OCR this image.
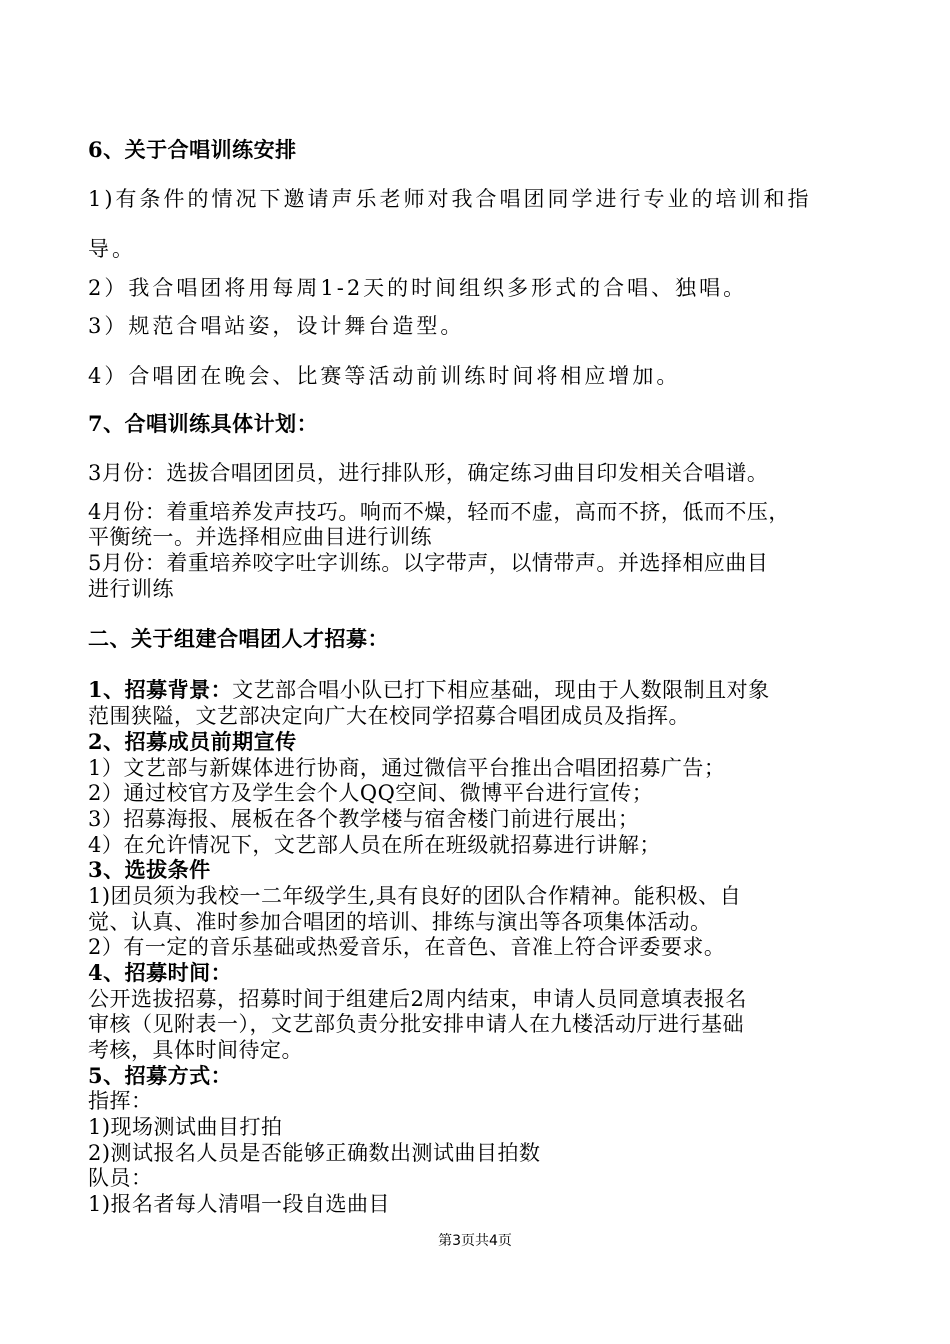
6、关于合唱训练安排
1)有条件的情况下邀请声乐老师对我合唱团同学进行专业的培训和指
导。
2）我合唱团将用每周1-2天的时间组织多形式的合唱、独唱。
3）规范合唱站姿，设计舞台造型。
4）合唱团在晚会、比赛等活动前训练时间将相应增加。
7、合唱训练具体计划：
3月份：选拔合唱团团员，进行排队形，确定练习曲目印发相关合唱谱。
4月份：着重培养发声技巧。响而不燥，轻而不虚，高而不挤，低而不压，
平衡统一。并选择相应曲目进行训练
5月份：着重培养咬字吐字训练。以字带声，以情带声。并选择相应曲目
进行训练
二、关于组建合唱团人才招募：
1、招募背景：文艺部合唱小队已打下相应基础，现由于人数限制且对象
范围狭隘，文艺部决定向广大在校同学招募合唱团成员及指挥。
2、招募成员前期宣传
1）文艺部与新媒体进行协商，通过微信平台推出合唱团招募广告；
2）通过校官方及学生会个人QQ空间、微博平台进行宣传；
3）招募海报、展板在各个教学楼与宿舍楼门前进行展出；
4）在允许情况下，文艺部人员在所在班级就招募进行讲解；
3、选拔条件
1)团员须为我校一二年级学生,具有良好的团队合作精神。能积极、自
觉、认真、准时参加合唱团的培训、排练与演出等各项集体活动。
2）有一定的音乐基础或热爱音乐，在音色、音准上符合评委要求。
4、招募时间：
公开选拔招募，招募时间于组建后2周内结束，申请人员同意填表报名
审核（见附表一），文艺部负责分批安排申请人在九楼活动厅进行基础
考核，具体时间待定。
5、招募方式：
指挥：
1)现场测试曲目打拍
2)测试报名人员是否能够正确数出测试曲目拍数
队员：
1)报名者每人清唱一段自选曲目
第3页共4页
